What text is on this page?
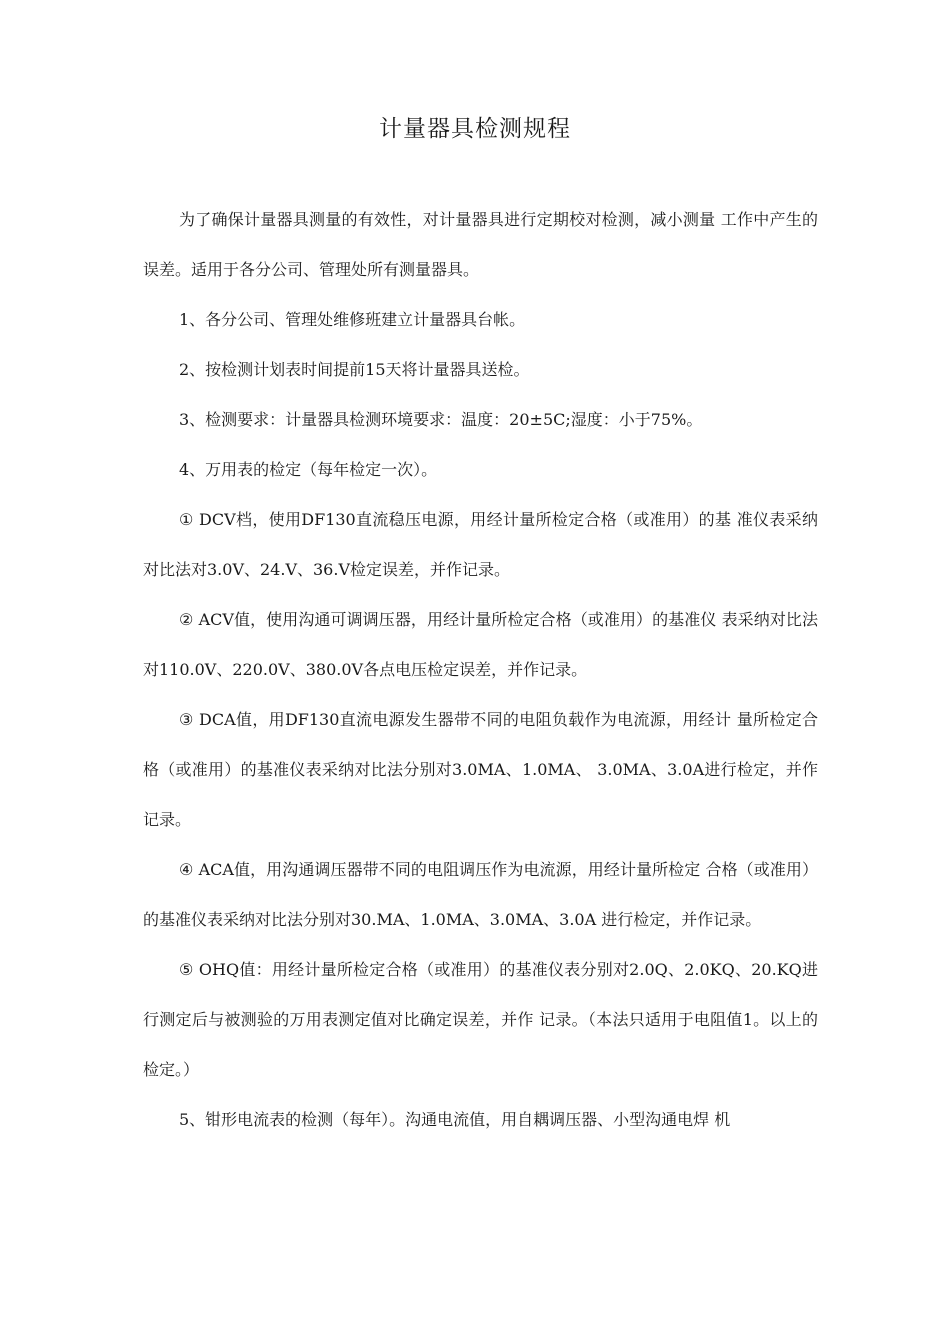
计量器具检测规程

为了确保计量器具测量的有效性，对计量器具进行定期校对检测，减小测量 工作中产生的误差。适用于各分公司、管理处所有测量器具。

1、各分公司、管理处维修班建立计量器具台帐。

2、按检测计划表时间提前15天将计量器具送检。

3、检测要求：计量器具检测环境要求：温度：20±5C;湿度：小于75%。

4、万用表的检定（每年检定一次）。

① DCV档，使用DF130直流稳压电源，用经计量所检定合格（或准用）的基 准仪表采纳对比法对3.0V、24.V、36.V检定误差，并作记录。

② ACV值，使用沟通可调调压器，用经计量所检定合格（或准用）的基准仪 表采纳对比法对110.0V、220.0V、380.0V各点电压检定误差，并作记录。

③ DCA值，用DF130直流电源发生器带不同的电阻负载作为电流源，用经计 量所检定合格（或准用）的基准仪表采纳对比法分别对3.0MA、1.0MA、 3.0MA、3.0A进行检定，并作记录。

④ ACA值，用沟通调压器带不同的电阻调压作为电流源，用经计量所检定 合格（或准用）的基准仪表采纳对比法分别对30.MA、1.0MA、3.0MA、3.0A 进行检定，并作记录。

⑤ OHQ值：用经计量所检定合格（或准用）的基准仪表分别对2.0Q、2.0KQ、20.KQ进行测定后与被测验的万用表测定值对比确定误差，并作 记录。（本法只适用于电阻值1。以上的检定。）

5、钳形电流表的检测（每年）。沟通电流值，用自耦调压器、小型沟通电焊 机
